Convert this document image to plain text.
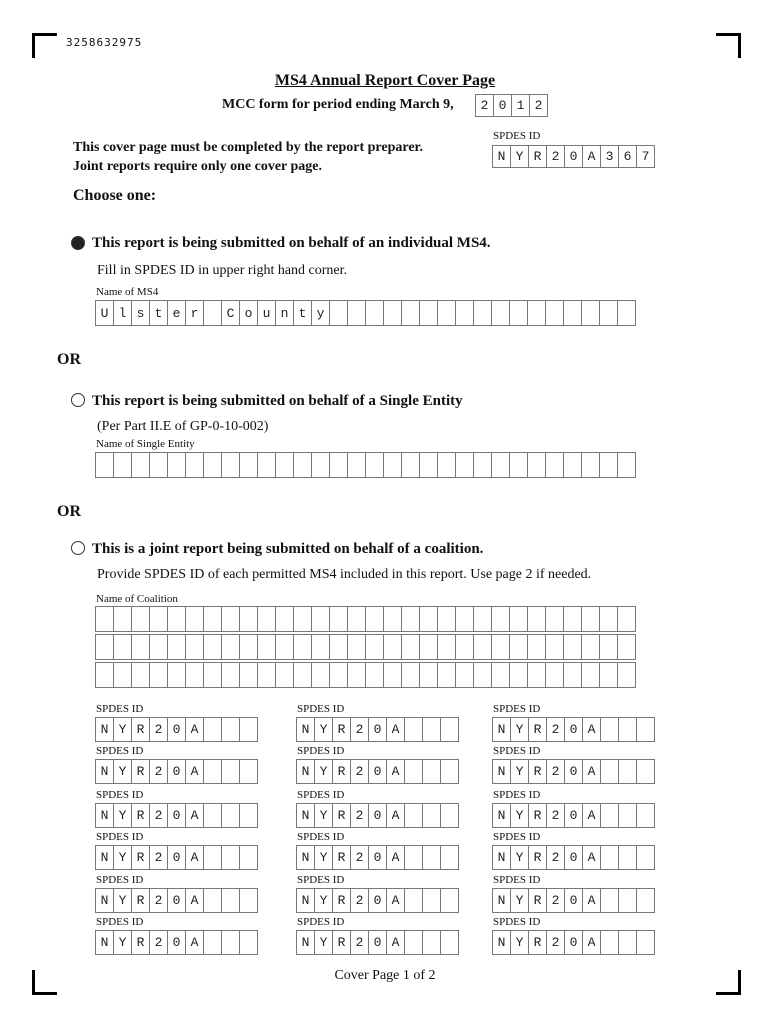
3258632975
MS4 Annual Report Cover Page
MCC form for period ending March 9,	2 0 1 2
This cover page must be completed by the report preparer.
Joint reports require only one cover page.
SPDES ID
N Y R 2 0 A 3 6 7
Choose one:
This report is being submitted on behalf of an individual MS4.
Fill in SPDES ID in upper right hand corner.
Name of MS4
U l s t e r	C o u n t y
OR
This report is being submitted on behalf of a Single Entity
(Per Part II.E of GP-0-10-002)
Name of Single Entity
OR
This is a joint report being submitted on behalf of a coalition.
Provide SPDES ID of each permitted MS4 included in this report. Use page 2 if needed.
Name of Coalition
SPDES ID
N Y R 2 0 A
SPDES ID
N Y R 2 0 A
SPDES ID
N Y R 2 0 A
SPDES ID
N Y R 2 0 A
SPDES ID
N Y R 2 0 A
SPDES ID
N Y R 2 0 A
SPDES ID
N Y R 2 0 A
SPDES ID
N Y R 2 0 A
SPDES ID
N Y R 2 0 A
SPDES ID
N Y R 2 0 A
SPDES ID
N Y R 2 0 A
SPDES ID
N Y R 2 0 A
SPDES ID
N Y R 2 0 A
SPDES ID
N Y R 2 0 A
SPDES ID
N Y R 2 0 A
SPDES ID
N Y R 2 0 A
SPDES ID
N Y R 2 0 A
SPDES ID
N Y R 2 0 A
Cover Page 1 of 2
